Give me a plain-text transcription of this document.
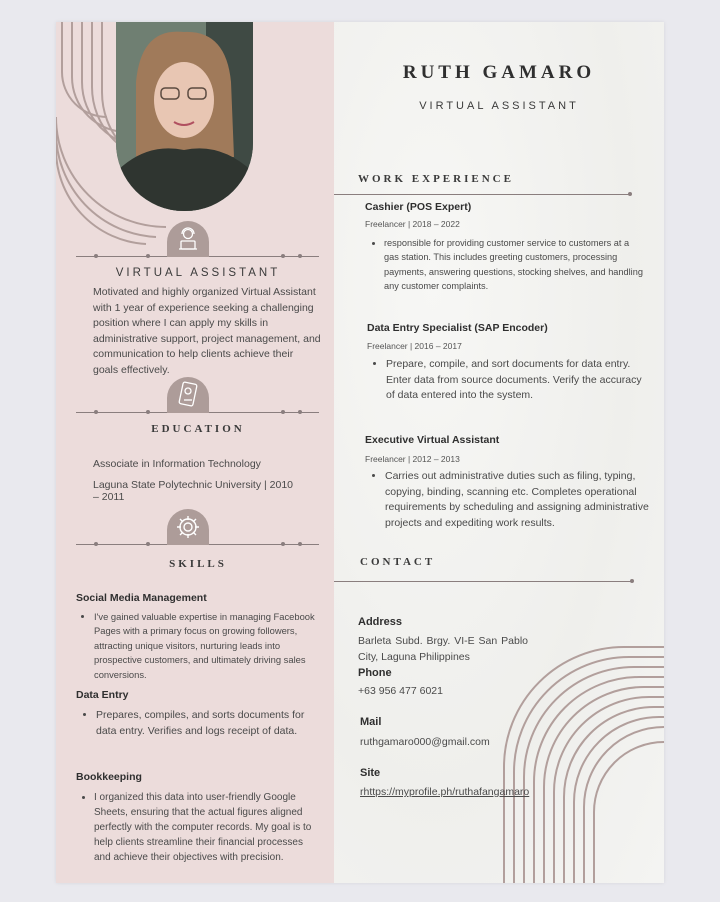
VIRTUAL ASSISTANT
Motivated and highly organized Virtual Assistant with 1 year of experience seeking a challenging position where I can apply my skills in administrative support, project management, and communication to help clients achieve their goals effectively.
EDUCATION
Associate in Information Technology
Laguna State Polytechnic University | 2010 – 2011
SKILLS
Social Media Management
• I've gained valuable expertise in managing Facebook Pages with a primary focus on growing followers, attracting unique visitors, nurturing leads into prospective customers, and ultimately driving sales conversions.
Data Entry
• Prepares, compiles, and sorts documents for data entry. Verifies and logs receipt of data.
Bookkeeping
• I organized this data into user-friendly Google Sheets, ensuring that the actual figures aligned perfectly with the computer records. My goal is to help clients streamline their financial processes and achieve their objectives with precision.
RUTH GAMARO
VIRTUAL ASSISTANT
WORK EXPERIENCE
Cashier (POS Expert)
Freelancer | 2018 – 2022
• responsible for providing customer service to customers at a gas station. This includes greeting customers, processing payments, answering questions, stocking shelves, and handling any customer complaints.
Data Entry Specialist (SAP Encoder)
Freelancer | 2016 – 2017
• Prepare, compile, and sort documents for data entry. Enter data from source documents. Verify the accuracy of data entered into the system.
Executive Virtual Assistant
Freelancer | 2012 – 2013
• Carries out administrative duties such as filing, typing, copying, binding, scanning etc. Completes operational requirements by scheduling and assigning administrative projects and expediting work results.
CONTACT
Address
Barleta Subd. Brgy. VI-E San Pablo City, Laguna Philippines
Phone
+63 956 477 6021
Mail
ruthgamaro000@gmail.com
Site
rhttps://myprofile.ph/ruthafangamaro
